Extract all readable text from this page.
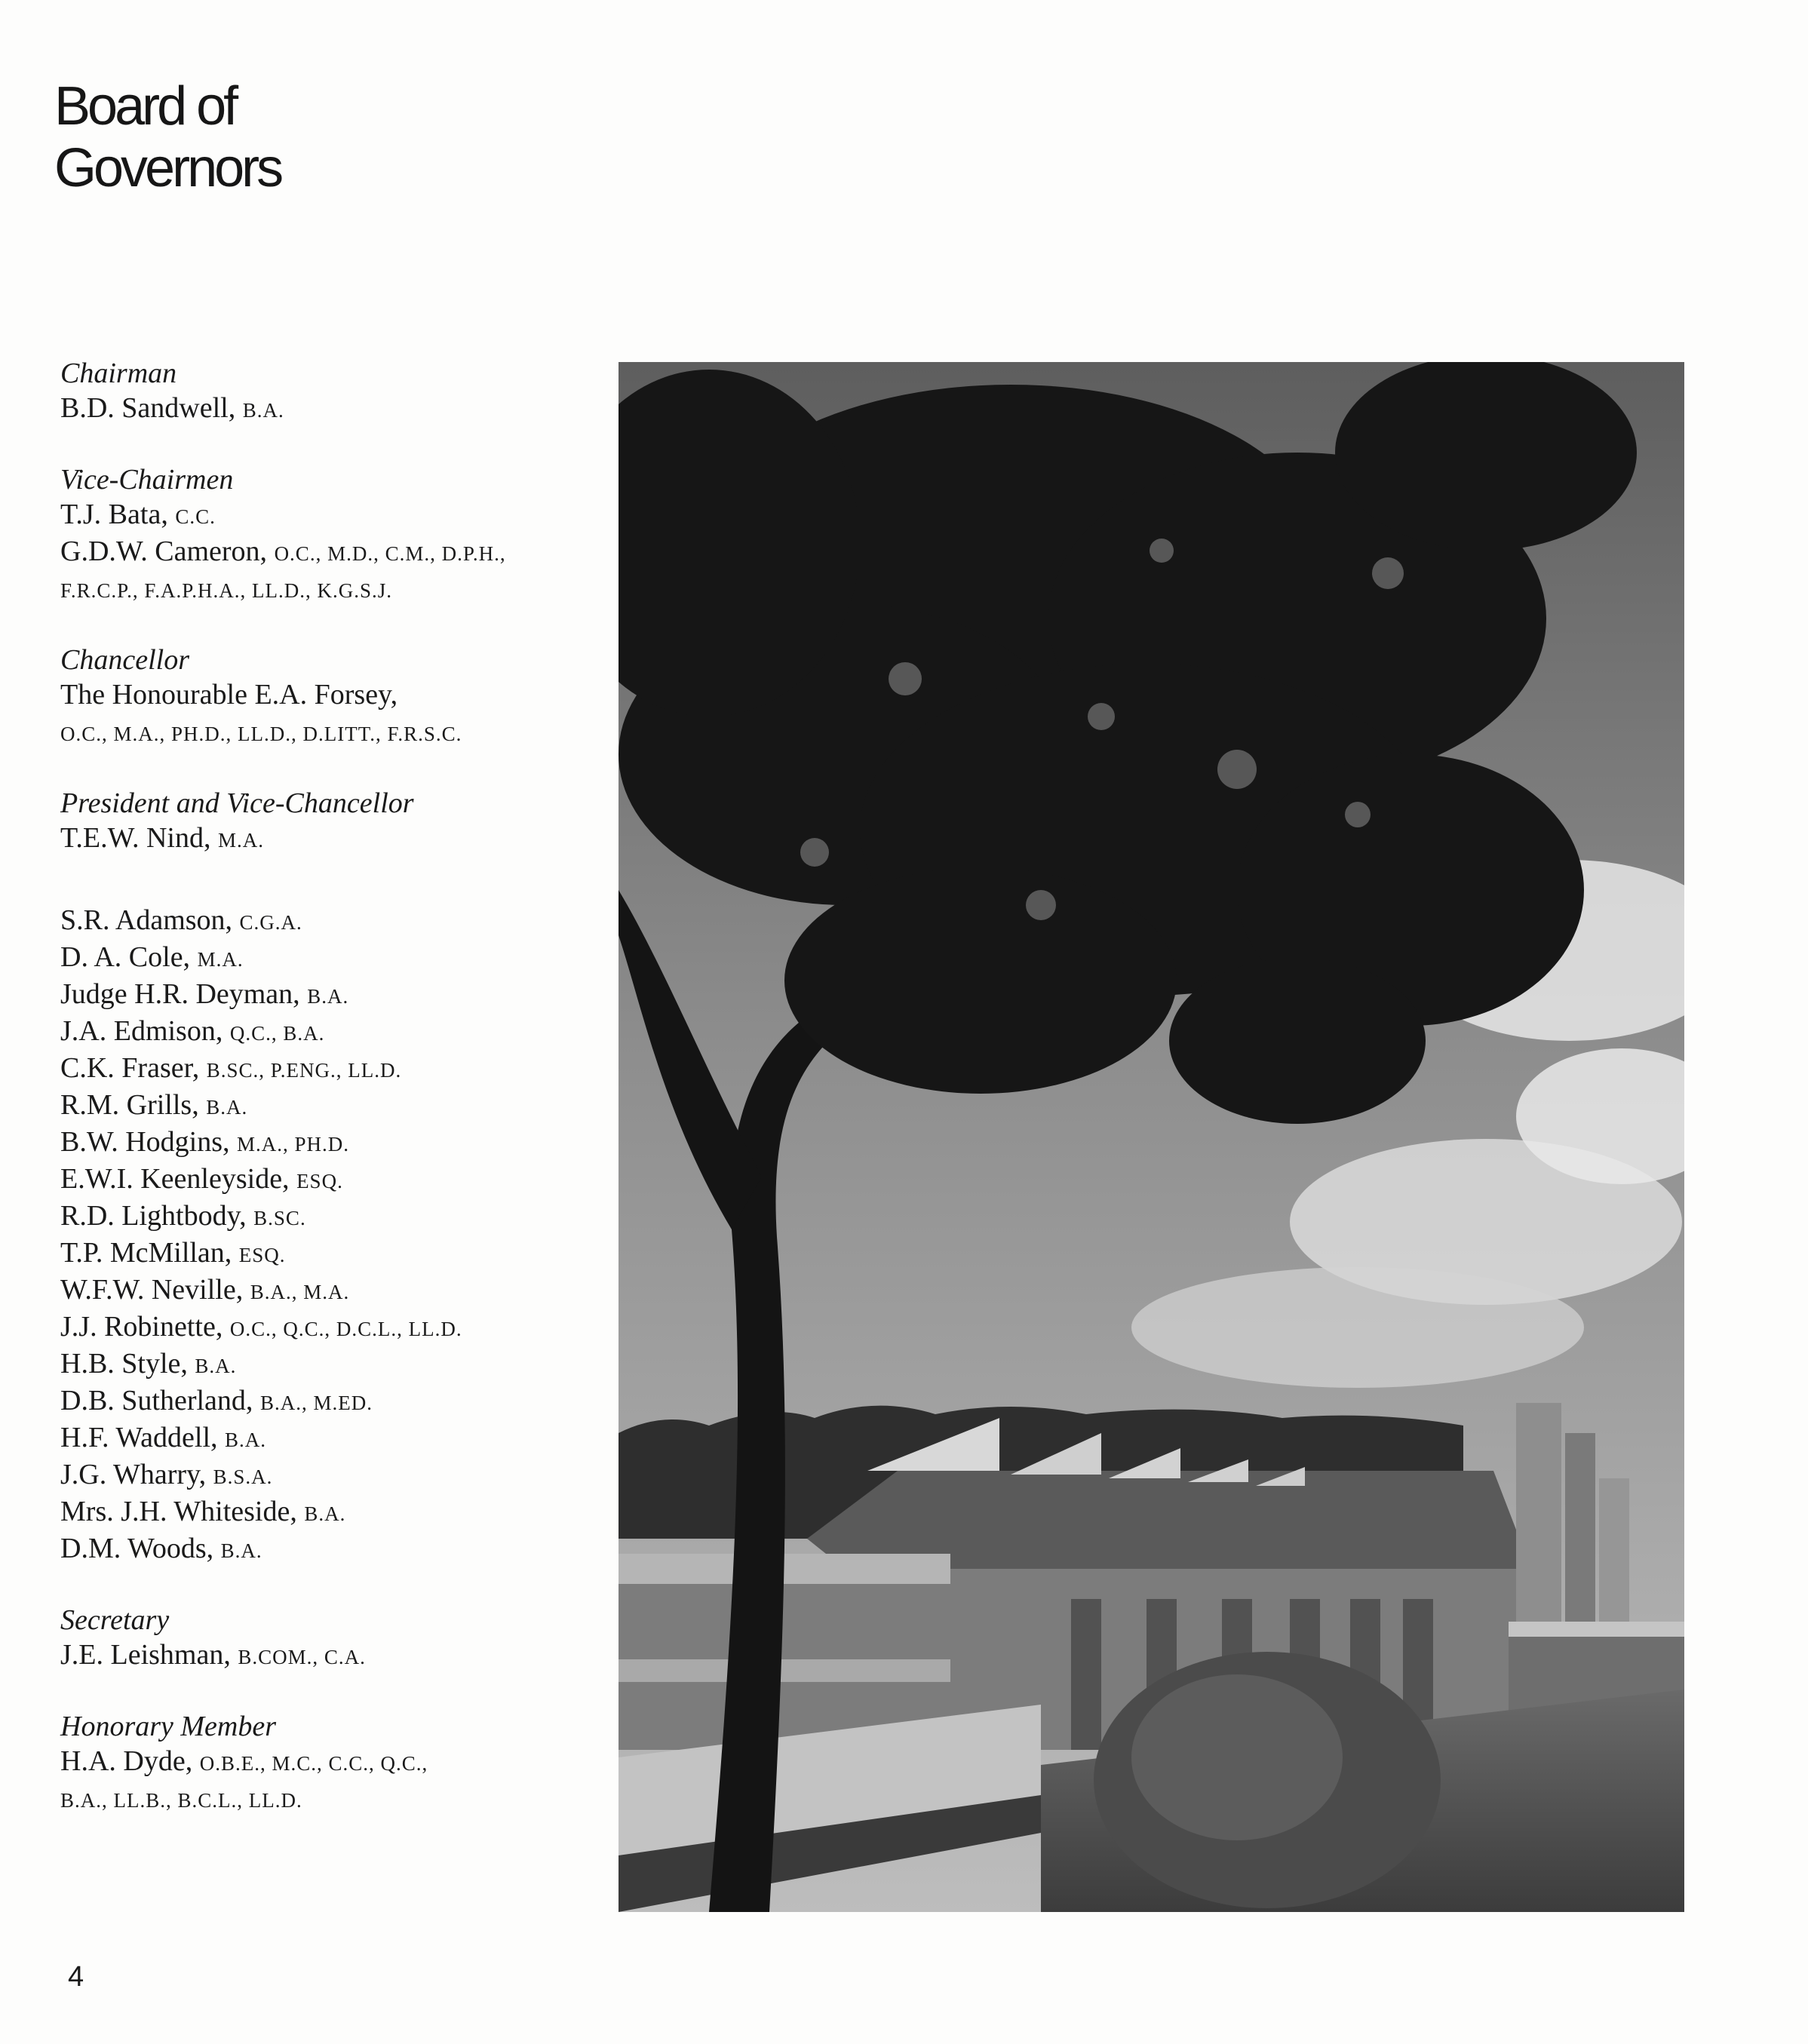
Board of
Governors
Chairman
B.D. Sandwell, B.A.
Vice-Chairmen
T.J. Bata, C.C.
G.D.W. Cameron, O.C., M.D., C.M., D.P.H.,
F.R.C.P., F.A.P.H.A., LL.D., K.G.S.J.
Chancellor
The Honourable E.A. Forsey,
O.C., M.A., PH.D., LL.D., D.LITT., F.R.S.C.
President and Vice-Chancellor
T.E.W. Nind, M.A.
S.R. Adamson, C.G.A.
D. A. Cole, M.A.
Judge H.R. Deyman, B.A.
J.A. Edmison, Q.C., B.A.
C.K. Fraser, B.SC., P.ENG., LL.D.
R.M. Grills, B.A.
B.W. Hodgins, M.A., PH.D.
E.W.I. Keenleyside, ESQ.
R.D. Lightbody, B.SC.
T.P. McMillan, ESQ.
W.F.W. Neville, B.A., M.A.
J.J. Robinette, O.C., Q.C., D.C.L., LL.D.
H.B. Style, B.A.
D.B. Sutherland, B.A., M.ED.
H.F. Waddell, B.A.
J.G. Wharry, B.S.A.
Mrs. J.H. Whiteside, B.A.
D.M. Woods, B.A.
Secretary
J.E. Leishman, B.COM., C.A.
Honorary Member
H.A. Dyde, O.B.E., M.C., C.C., Q.C.,
B.A., LL.B., B.C.L., LL.D.
4
